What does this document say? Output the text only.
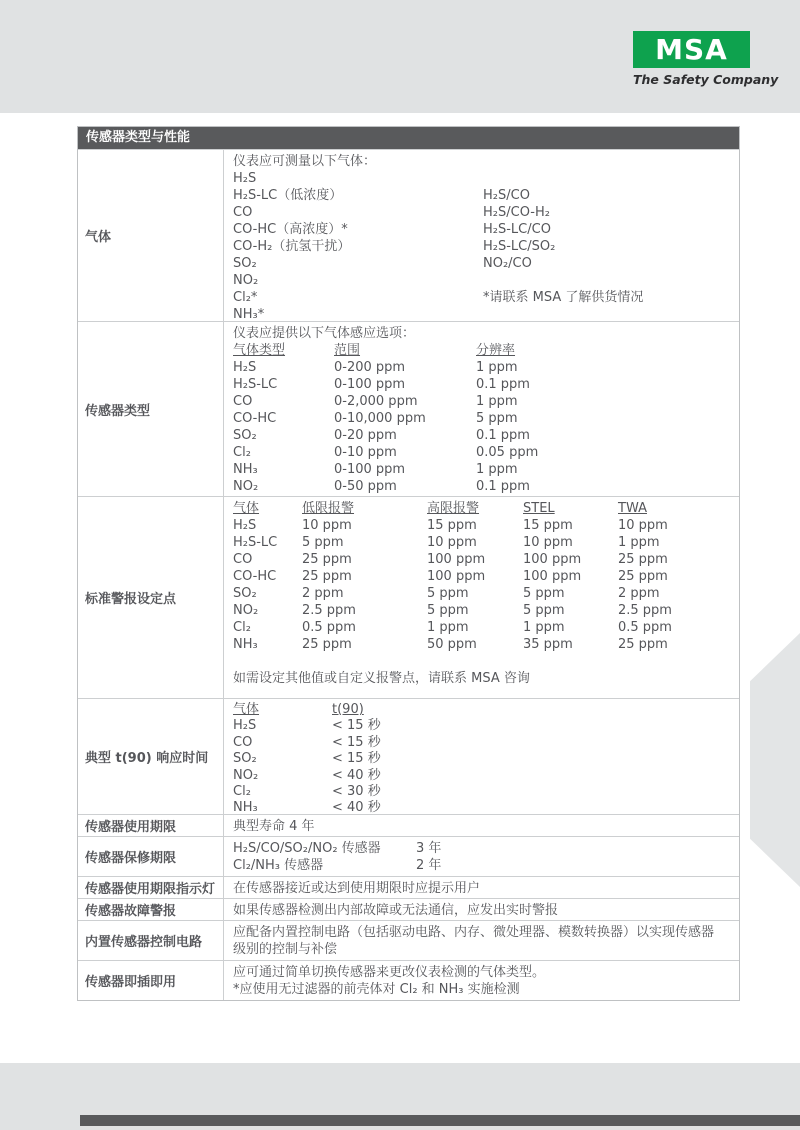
MSA
The Safety Company
传感器类型与性能
气体
仪表应可测量以下气体：
H₂S
H₂S-LC（低浓度）	H₂S/CO
CO	H₂S/CO-H₂
CO-HC（高浓度）*	H₂S-LC/CO
CO-H₂（抗氢干扰）	H₂S-LC/SO₂
SO₂	NO₂/CO
NO₂
Cl₂*	*请联系 MSA 了解供货情况
NH₃*
传感器类型
仪表应提供以下气体感应选项：
气体类型	范围	分辨率
H₂S	0-200 ppm	1 ppm
H₂S-LC	0-100 ppm	0.1 ppm
CO	0-2,000 ppm	1 ppm
CO-HC	0-10,000 ppm	5 ppm
SO₂	0-20 ppm	0.1 ppm
Cl₂	0-10 ppm	0.05 ppm
NH₃	0-100 ppm	1 ppm
NO₂	0-50 ppm	0.1 ppm
标准警报设定点
气体	低限报警	高限报警	STEL	TWA
H₂S	10 ppm	15 ppm	15 ppm	10 ppm
H₂S-LC	5 ppm	10 ppm	10 ppm	1 ppm
CO	25 ppm	100 ppm	100 ppm	25 ppm
CO-HC	25 ppm	100 ppm	100 ppm	25 ppm
SO₂	2 ppm	5 ppm	5 ppm	2 ppm
NO₂	2.5 ppm	5 ppm	5 ppm	2.5 ppm
Cl₂	0.5 ppm	1 ppm	1 ppm	0.5 ppm
NH₃	25 ppm	50 ppm	35 ppm	25 ppm
如需设定其他值或自定义报警点，请联系 MSA 咨询
典型 t(90) 响应时间
气体	t(90)
H₂S	< 15 秒
CO	< 15 秒
SO₂	< 15 秒
NO₂	< 40 秒
Cl₂	< 30 秒
NH₃	< 40 秒
传感器使用期限	典型寿命 4 年
传感器保修期限
H₂S/CO/SO₂/NO₂ 传感器	3 年
Cl₂/NH₃ 传感器	2 年
传感器使用期限指示灯	在传感器接近或达到使用期限时应提示用户
传感器故障警报	如果传感器检测出内部故障或无法通信，应发出实时警报
内置传感器控制电路
应配备内置控制电路（包括驱动电路、内存、微处理器、模数转换器）以实现传感器
级别的控制与补偿
传感器即插即用
应可通过简单切换传感器来更改仪表检测的气体类型。
*应使用无过滤器的前壳体对 Cl₂ 和 NH₃ 实施检测
